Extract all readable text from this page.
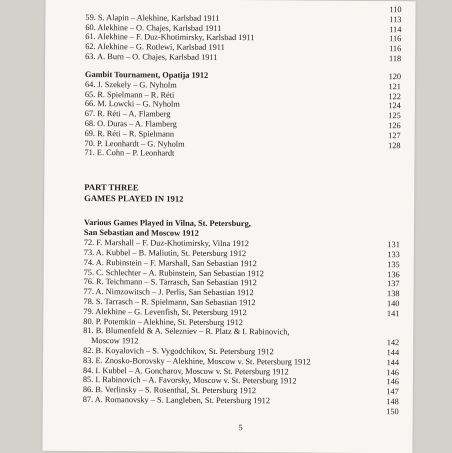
110
59. S. Alapin – Alekhine, Karlsbad 1911	113
60. Alekhine – O. Chajes, Karlsbad 1911	114
61. Alekhine – F. Duz-Khotimirsky, Karlsbad 1911	116
62. Alekhine – G. Rotlewi, Karlsbad 1911	116
63. A. Burn – O. Chajes, Karlsbad 1911	118
Gambit Tournament, Opatija 1912	120
64. J. Szekely – G. Nyholm	121
65. R. Spielmann – R. Réti	122
66. M. Lowcki – G. Nyholm	124
67. R. Réti – A. Flamberg	125
68. O. Duras – A. Flamberg	126
69. R. Réti – R. Spielmann	127
70. P. Leonhardt – G. Nyholm	128
71. E. Cohn – P. Leonhardt
PART THREE
GAMES PLAYED IN 1912
Various Games Played in Vilna, St. Petersburg,
San Sebastian and Moscow 1912
72. F. Marshall – F. Duz-Khotimirsky, Vilna 1912	131
73. A. Kubbel – B. Maliutin, St. Petersburg 1912	133
74. A. Rubinstein – F. Marshall, San Sebastian 1912	135
75. C. Schlechter – A. Rubinstein, San Sebastian 1912	136
76. R. Teichmann – S. Tarrasch, San Sebastian 1912	137
77. A. Nimzowitsch – J. Perlis, San Sebastian 1912	138
78. S. Tarrasch – R. Spielmann, San Sebastian 1912	140
79. Alekhine – G. Levenfish, St. Petersburg 1912	141
80. P. Potemkin – Alekhine, St. Petersburg 1912
81. B. Blumenfeld & A. Selezniev – R. Platz & I. Rabinovich,
Moscow 1912	142
82. B. Koyalovich – S. Vygodchikov, St. Petersburg 1912	144
83. E. Znosko-Borovsky – Alekhine, Moscow v. St. Petersburg 1912	144
84. I. Kubbel – A. Goncharov, Moscow v. St. Petersburg 1912	146
85. I. Rabinovich – A. Favorsky, Moscow v. St. Petersburg 1912	146
86. B. Verlinsky – S. Rosenthal, St. Petersburg 1912	147
87. A. Romanovsky – S. Langleben, St. Petersburg 1912	148
150
5
